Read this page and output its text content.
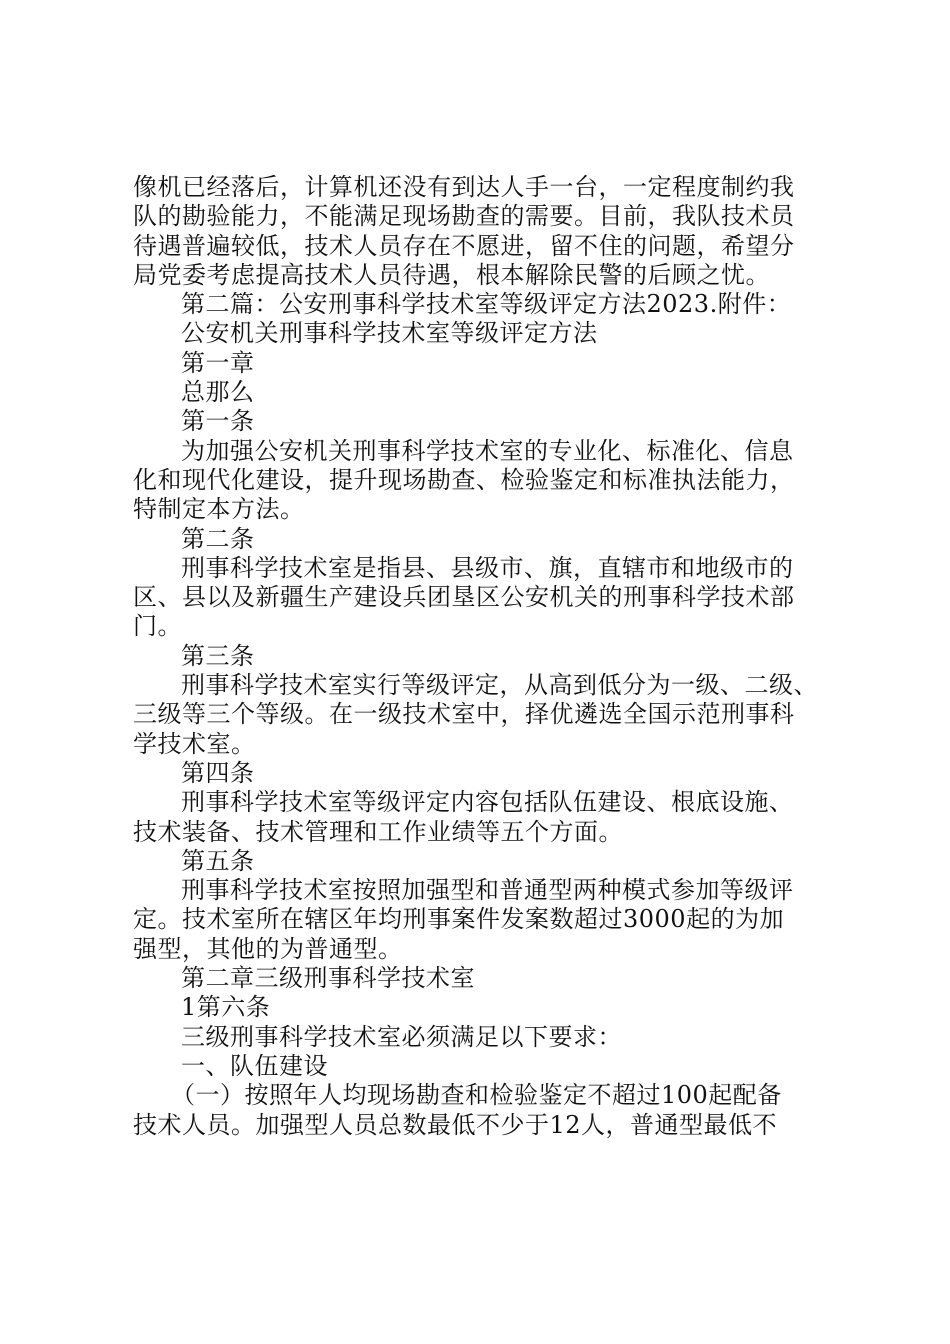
像机已经落后，计算机还没有到达人手一台，一定程度制约我
队的勘验能力，不能满足现场勘查的需要。目前，我队技术员
待遇普遍较低，技术人员存在不愿进，留不住的问题，希望分
局党委考虑提高技术人员待遇，根本解除民警的后顾之忧。
第二篇：公安刑事科学技术室等级评定方法2023.附件：
公安机关刑事科学技术室等级评定方法
第一章
总那么
第一条
为加强公安机关刑事科学技术室的专业化、标准化、信息
化和现代化建设，提升现场勘查、检验鉴定和标准执法能力，
特制定本方法。
第二条
刑事科学技术室是指县、县级市、旗，直辖市和地级市的
区、县以及新疆生产建设兵团垦区公安机关的刑事科学技术部
门。
第三条
刑事科学技术室实行等级评定，从高到低分为一级、二级、
三级等三个等级。在一级技术室中，择优遴选全国示范刑事科
学技术室。
第四条
刑事科学技术室等级评定内容包括队伍建设、根底设施、
技术装备、技术管理和工作业绩等五个方面。
第五条
刑事科学技术室按照加强型和普通型两种模式参加等级评
定。技术室所在辖区年均刑事案件发案数超过3000起的为加
强型，其他的为普通型。
第二章三级刑事科学技术室
1第六条
三级刑事科学技术室必须满足以下要求：
一、队伍建设
（一）按照年人均现场勘查和检验鉴定不超过100起配备
技术人员。加强型人员总数最低不少于12人，普通型最低不
